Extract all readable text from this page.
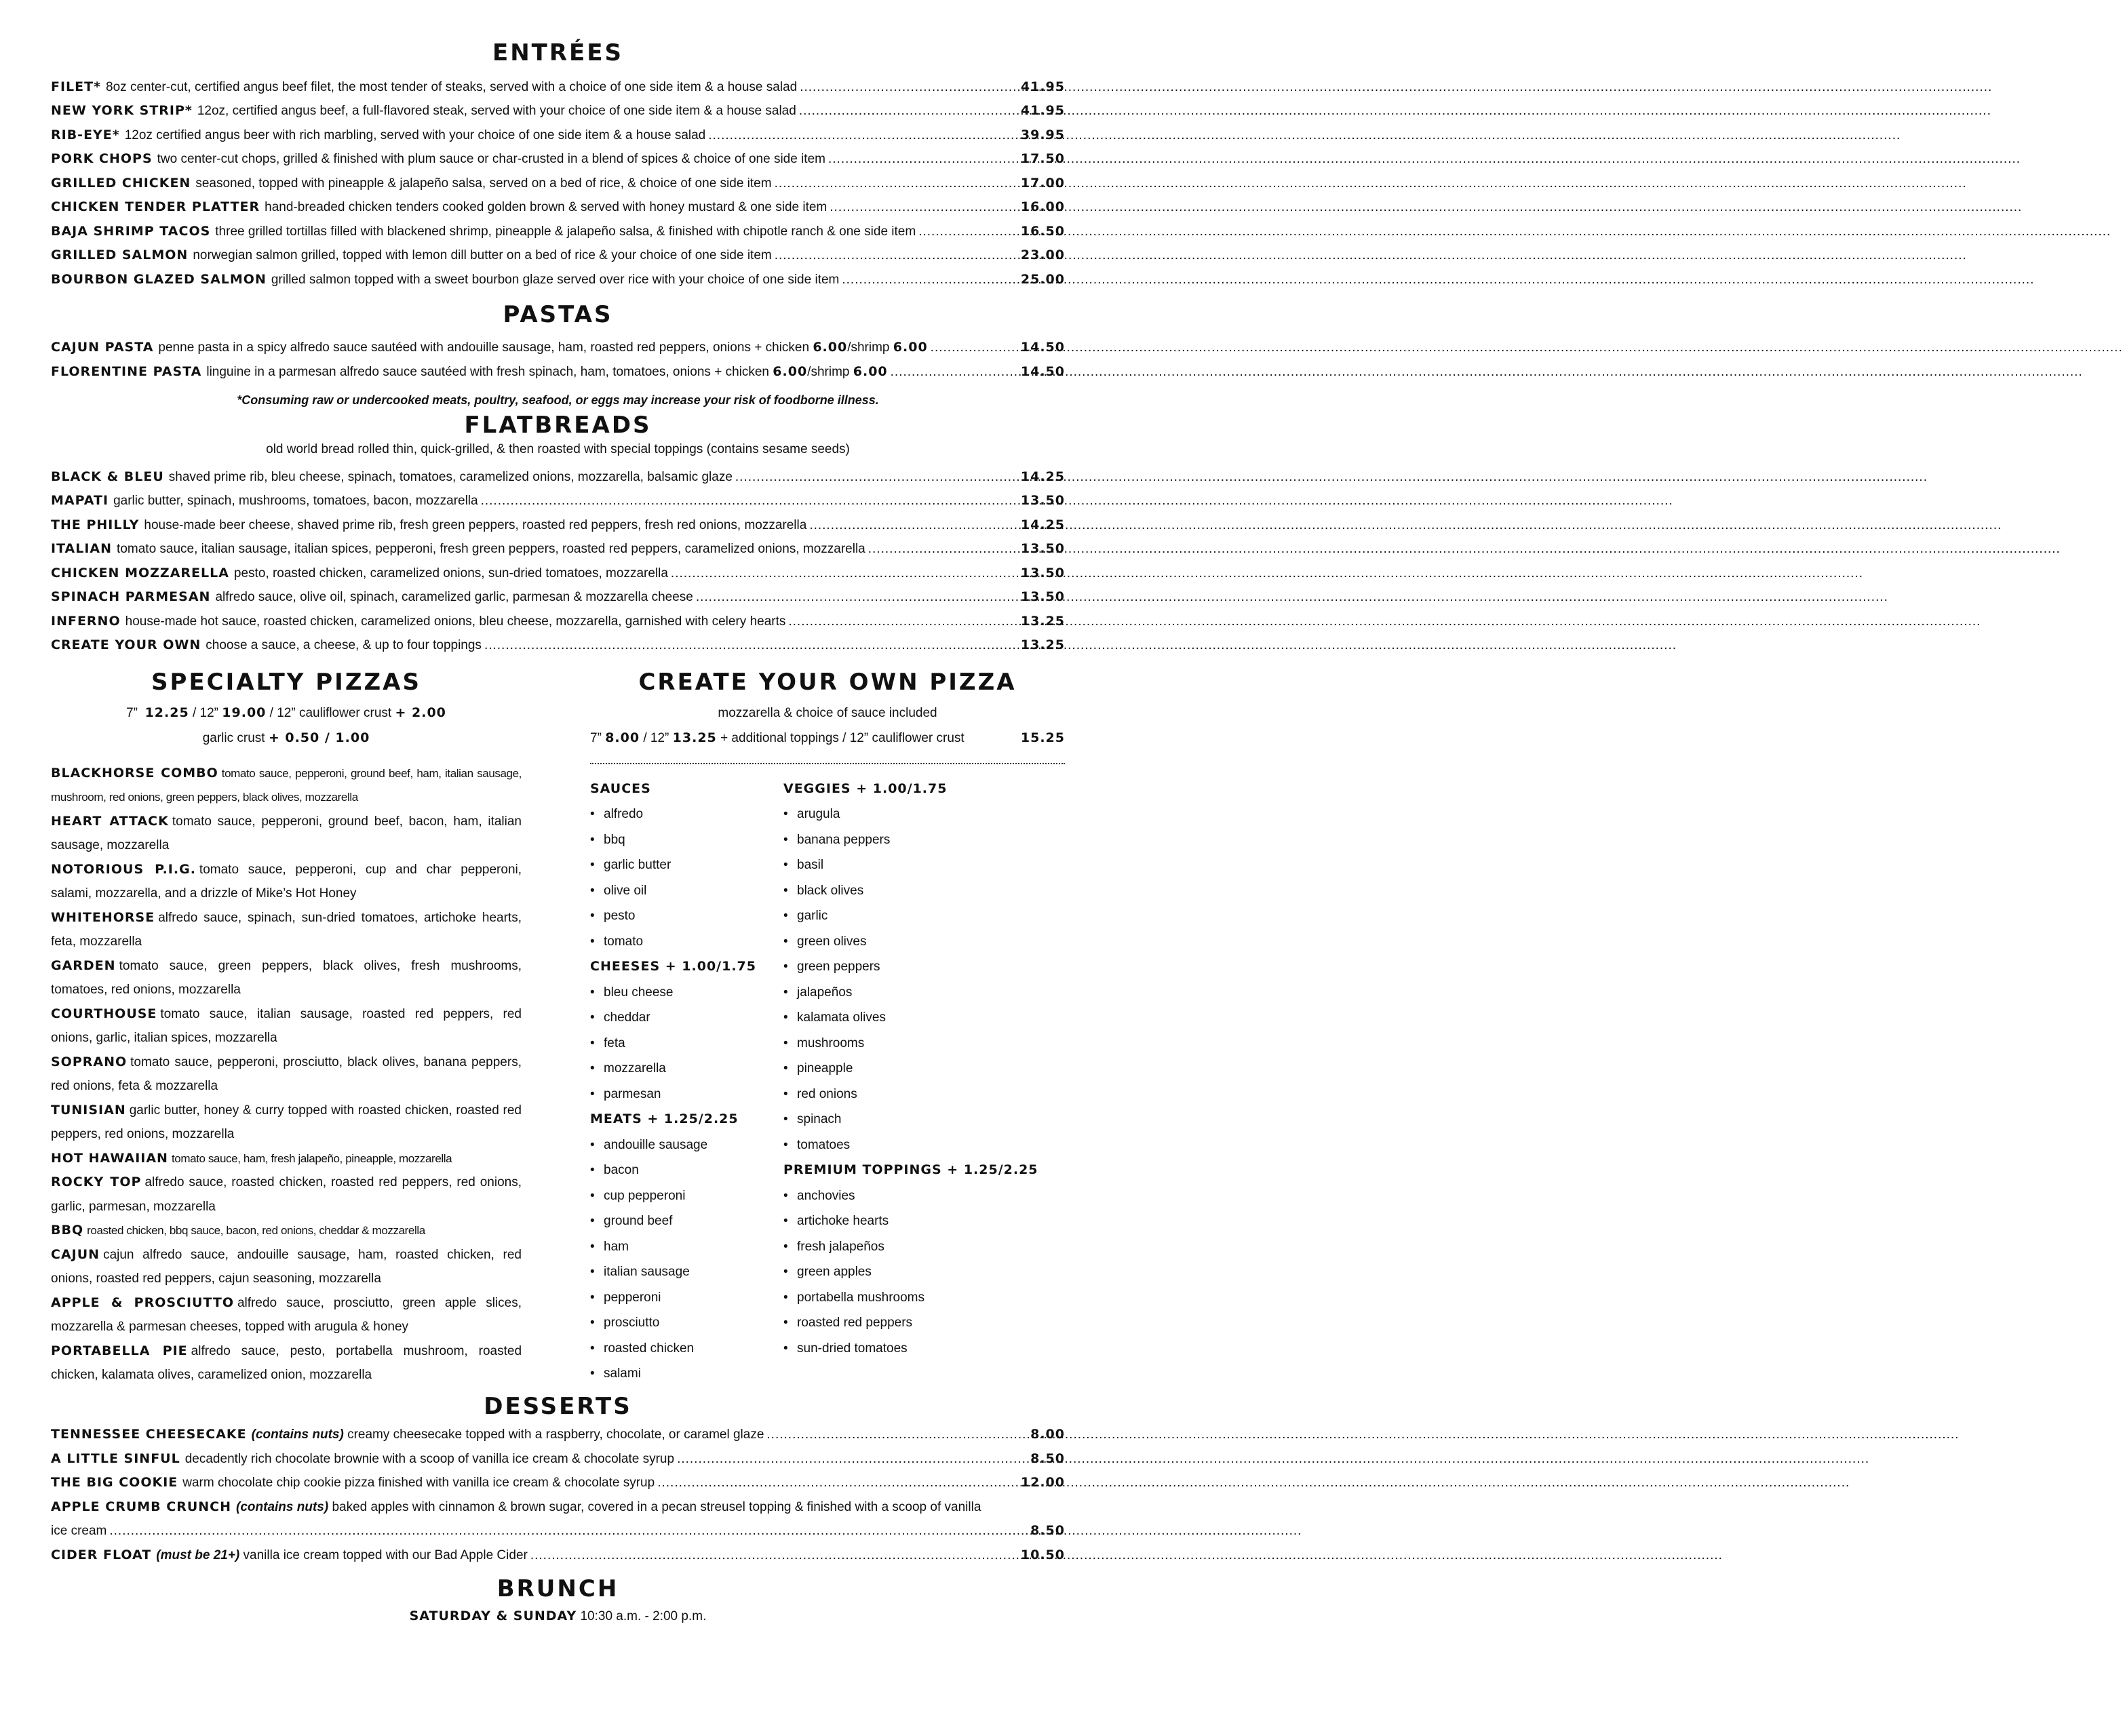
ENTRÉES
FILET* 8oz center-cut, certified angus beef filet, the most tender of steaks, served with a choice of one side item & a house salad .....	41.95
NEW YORK STRIP* 12oz, certified angus beef, a full-flavored steak, served with your choice of one side item & a house salad .....	41.95
RIB-EYE* 12oz certified angus beer with rich marbling, served with your choice of one side item & a house salad .....	39.95
PORK CHOPS two center-cut chops, grilled & finished with plum sauce or char-crusted in a blend of spices & choice of one side item .....	17.50
GRILLED CHICKEN seasoned, topped with pineapple & jalapeño salsa, served on a bed of rice, & choice of one side item .....	17.00
CHICKEN TENDER PLATTER hand-breaded chicken tenders cooked golden brown & served with honey mustard & one side item .....	16.00
BAJA SHRIMP TACOS three grilled tortillas filled with blackened shrimp, pineapple & jalapeño salsa, & finished with chipotle ranch & one side item .....	16.50
GRILLED SALMON norwegian salmon grilled, topped with lemon dill butter on a bed of rice & your choice of one side item .....	23.00
BOURBON GLAZED SALMON grilled salmon topped with a sweet bourbon glaze served over rice with your choice of one side item .....	25.00
PASTAS
CAJUN PASTA penne pasta in a spicy alfredo sauce sautéed with andouille sausage, ham, roasted red peppers, onions + chicken 6.00/shrimp 6.00 .....	14.50
FLORENTINE PASTA linguine in a parmesan alfredo sauce sautéed with fresh spinach, ham, tomatoes, onions + chicken 6.00/shrimp 6.00 .....	14.50
*Consuming raw or undercooked meats, poultry, seafood, or eggs may increase your risk of foodborne illness.
FLATBREADS
old world bread rolled thin, quick-grilled, & then roasted with special toppings (contains sesame seeds)
BLACK & BLEU shaved prime rib, bleu cheese, spinach, tomatoes, caramelized onions, mozzarella, balsamic glaze .....	14.25
MAPATI garlic butter, spinach, mushrooms, tomatoes, bacon, mozzarella .....	13.50
THE PHILLY house-made beer cheese, shaved prime rib, fresh green peppers, roasted red peppers, fresh red onions, mozzarella .....	14.25
ITALIAN tomato sauce, italian sausage, italian spices, pepperoni, fresh green peppers, roasted red peppers, caramelized onions, mozzarella .....	13.50
CHICKEN MOZZARELLA pesto, roasted chicken, caramelized onions, sun-dried tomatoes, mozzarella .....	13.50
SPINACH PARMESAN alfredo sauce, olive oil, spinach, caramelized garlic, parmesan & mozzarella cheese .....	13.50
INFERNO house-made hot sauce, roasted chicken, caramelized onions, bleu cheese, mozzarella, garnished with celery hearts .....	13.25
CREATE YOUR OWN choose a sauce, a cheese, & up to four toppings .....	13.25
SPECIALTY PIZZAS
7” 12.25 / 12” 19.00 / 12” cauliflower crust + 2.00
garlic crust + 0.50 / 1.00
BLACKHORSE COMBO tomato sauce, pepperoni, ground beef, ham, italian sausage, mushroom, red onions, green peppers, black olives, mozzarella
HEART ATTACK tomato sauce, pepperoni, ground beef, bacon, ham, italian sausage, mozzarella
NOTORIOUS P.I.G. tomato sauce, pepperoni, cup and char pepperoni, salami, mozzarella, and a drizzle of Mike’s Hot Honey
WHITEHORSE alfredo sauce, spinach, sun-dried tomatoes, artichoke hearts, feta, mozzarella
GARDEN tomato sauce, green peppers, black olives, fresh mushrooms, tomatoes, red onions, mozzarella
COURTHOUSE tomato sauce, italian sausage, roasted red peppers, red onions, garlic, italian spices, mozzarella
SOPRANO tomato sauce, pepperoni, prosciutto, black olives, banana peppers, red onions, feta & mozzarella
TUNISIAN garlic butter, honey & curry topped with roasted chicken, roasted red peppers, red onions, mozzarella
HOT HAWAIIAN tomato sauce, ham, fresh jalapeño, pineapple, mozzarella
ROCKY TOP alfredo sauce, roasted chicken, roasted red peppers, red onions, garlic, parmesan, mozzarella
BBQ roasted chicken, bbq sauce, bacon, red onions, cheddar & mozzarella
CAJUN cajun alfredo sauce, andouille sausage, ham, roasted chicken, red onions, roasted red peppers, cajun seasoning, mozzarella
APPLE & PROSCIUTTO alfredo sauce, prosciutto, green apple slices, mozzarella & parmesan cheeses, topped with arugula & honey
PORTABELLA PIE alfredo sauce, pesto, portabella mushroom, roasted chicken, kalamata olives, caramelized onion, mozzarella
CREATE YOUR OWN PIZZA
mozzarella & choice of sauce included
7” 8.00 / 12” 13.25 + additional toppings / 12” cauliflower crust	15.25
SAUCES
• alfredo
• bbq
• garlic butter
• olive oil
• pesto
• tomato
CHEESES + 1.00/1.75
• bleu cheese
• cheddar
• feta
• mozzarella
• parmesan
MEATS + 1.25/2.25
• andouille sausage
• bacon
• cup pepperoni
• ground beef
• ham
• italian sausage
• pepperoni
• prosciutto
• roasted chicken
• salami
VEGGIES + 1.00/1.75
• arugula
• banana peppers
• basil
• black olives
• garlic
• green olives
• green peppers
• jalapeños
• kalamata olives
• mushrooms
• pineapple
• red onions
• spinach
• tomatoes
PREMIUM TOPPINGS + 1.25/2.25
• anchovies
• artichoke hearts
• fresh jalapeños
• green apples
• portabella mushrooms
• roasted red peppers
• sun-dried tomatoes
DESSERTS
TENNESSEE CHEESECAKE (contains nuts) creamy cheesecake topped with a raspberry, chocolate, or caramel glaze .....	8.00
A LITTLE SINFUL decadently rich chocolate brownie with a scoop of vanilla ice cream & chocolate syrup .....	8.50
THE BIG COOKIE warm chocolate chip cookie pizza finished with vanilla ice cream & chocolate syrup .....	12.00
APPLE CRUMB CRUNCH (contains nuts) baked apples with cinnamon & brown sugar, covered in a pecan streusel topping & finished with a scoop of vanilla
ice cream .....	8.50
CIDER FLOAT (must be 21+) vanilla ice cream topped with our Bad Apple Cider .....	10.50
BRUNCH
SATURDAY & SUNDAY 10:30 a.m. - 2:00 p.m.
